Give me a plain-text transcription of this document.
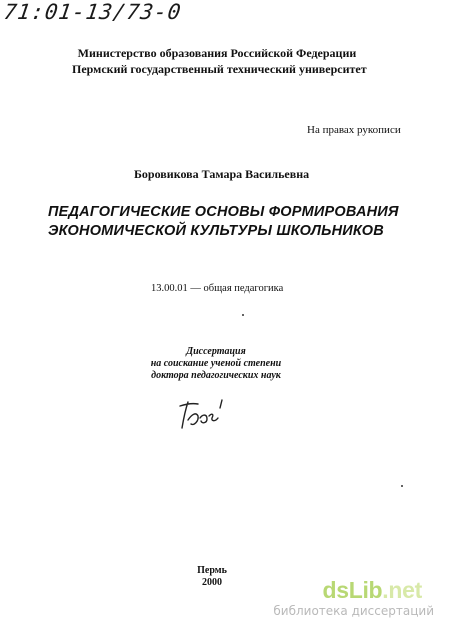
71:01-13/73-0
Министерство образования Российской Федерации
Пермский государственный технический университет
На правах рукописи
Боровикова Тамара Васильевна
ПЕДАГОГИЧЕСКИЕ ОСНОВЫ ФОРМИРОВАНИЯ
ЭКОНОМИЧЕСКОЙ КУЛЬТУРЫ ШКОЛЬНИКОВ
13.00.01 — общая педагогика
Диссертация
на соискание ученой степени
доктора педагогических наук
Пермь
2000	dsLib.net
библиотека диссертаций
